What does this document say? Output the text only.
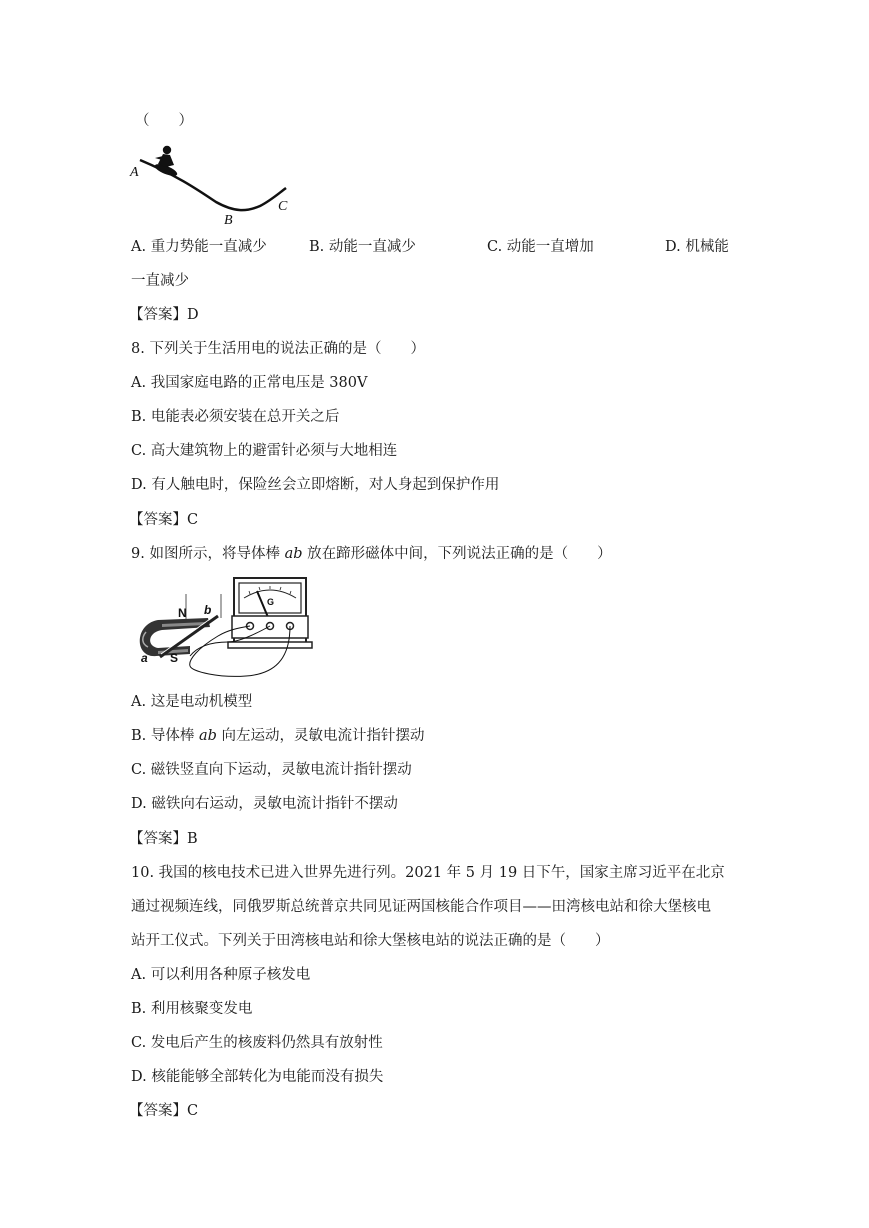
（　　）
A
B
C
A. 重力势能一直减少	B. 动能一直减少	C. 动能一直增加	D. 机械能
一直减少
【答案】D
8. 下列关于生活用电的说法正确的是（　　）
A. 我国家庭电路的正常电压是 380V
B. 电能表必须安装在总开关之后
C. 高大建筑物上的避雷针必须与大地相连
D. 有人触电时，保险丝会立即熔断，对人身起到保护作用
【答案】C
9. 如图所示，将导体棒 ab 放在蹄形磁体中间，下列说法正确的是（　　）
N b
a S
G
A. 这是电动机模型
B. 导体棒 ab 向左运动，灵敏电流计指针摆动
C. 磁铁竖直向下运动，灵敏电流计指针摆动
D. 磁铁向右运动，灵敏电流计指针不摆动
【答案】B
10. 我国的核电技术已进入世界先进行列。2021 年 5 月 19 日下午，国家主席习近平在北京
通过视频连线，同俄罗斯总统普京共同见证两国核能合作项目——田湾核电站和徐大堡核电
站开工仪式。下列关于田湾核电站和徐大堡核电站的说法正确的是（　　）
A. 可以利用各种原子核发电
B. 利用核聚变发电
C. 发电后产生的核废料仍然具有放射性
D. 核能能够全部转化为电能而没有损失
【答案】C
